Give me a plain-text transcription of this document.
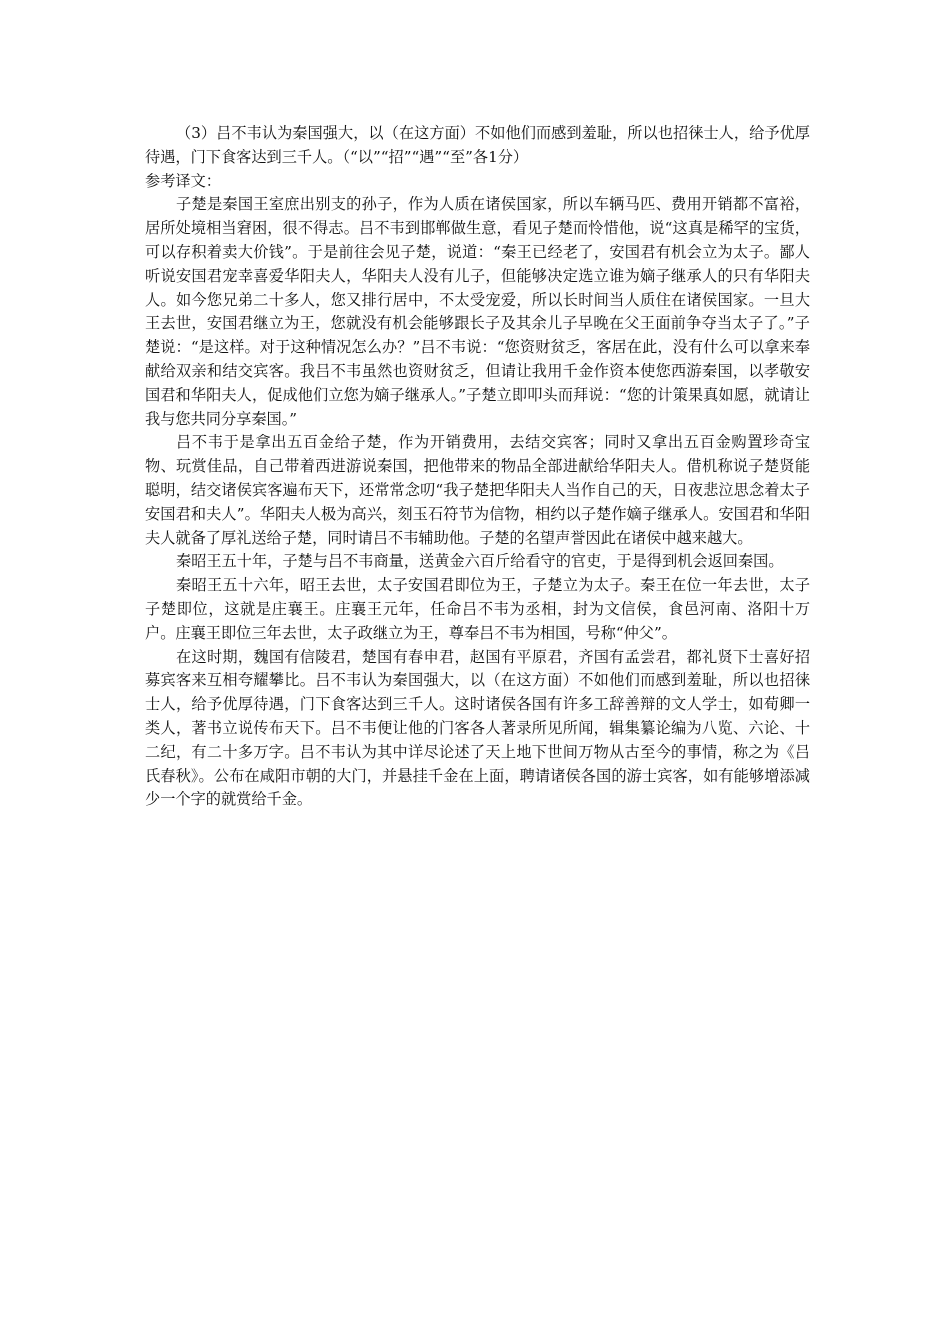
（3）吕不韦认为秦国强大，以（在这方面）不如他们而感到羞耻，所以也招徕士人，给予优厚待遇，门下食客达到三千人。（“以”“招”“遇”“至”各1分）

参考译文：

子楚是秦国王室庶出别支的孙子，作为人质在诸侯国家，所以车辆马匹、费用开销都不富裕，居所处境相当窘困，很不得志。吕不韦到邯郸做生意，看见子楚而怜惜他，说“这真是稀罕的宝货，可以存积着卖大价钱”。于是前往会见子楚，说道：“秦王已经老了，安国君有机会立为太子。鄙人听说安国君宠幸喜爱华阳夫人，华阳夫人没有儿子，但能够决定选立谁为嫡子继承人的只有华阳夫人。如今您兄弟二十多人，您又排行居中，不太受宠爱，所以长时间当人质住在诸侯国家。一旦大王去世，安国君继立为王，您就没有机会能够跟长子及其余儿子早晚在父王面前争夺当太子了。”子楚说：“是这样。对于这种情况怎么办？”吕不韦说：“您资财贫乏，客居在此，没有什么可以拿来奉献给双亲和结交宾客。我吕不韦虽然也资财贫乏，但请让我用千金作资本使您西游秦国，以孝敬安国君和华阳夫人，促成他们立您为嫡子继承人。”子楚立即叩头而拜说：“您的计策果真如愿，就请让我与您共同分享秦国。”

吕不韦于是拿出五百金给子楚，作为开销费用，去结交宾客；同时又拿出五百金购置珍奇宝物、玩赏佳品，自己带着西进游说秦国，把他带来的物品全部进献给华阳夫人。借机称说子楚贤能聪明，结交诸侯宾客遍布天下，还常常念叨“我子楚把华阳夫人当作自己的天，日夜悲泣思念着太子安国君和夫人”。华阳夫人极为高兴，刻玉石符节为信物，相约以子楚作嫡子继承人。安国君和华阳夫人就备了厚礼送给子楚，同时请吕不韦辅助他。子楚的名望声誉因此在诸侯中越来越大。

秦昭王五十年，子楚与吕不韦商量，送黄金六百斤给看守的官吏，于是得到机会返回秦国。

秦昭王五十六年，昭王去世，太子安国君即位为王，子楚立为太子。秦王在位一年去世，太子子楚即位，这就是庄襄王。庄襄王元年，任命吕不韦为丞相，封为文信侯，食邑河南、洛阳十万户。庄襄王即位三年去世，太子政继立为王，尊奉吕不韦为相国，号称“仲父”。

在这时期，魏国有信陵君，楚国有春申君，赵国有平原君，齐国有孟尝君，都礼贤下士喜好招募宾客来互相夸耀攀比。吕不韦认为秦国强大，以（在这方面）不如他们而感到羞耻，所以也招徕士人，给予优厚待遇，门下食客达到三千人。这时诸侯各国有许多工辞善辩的文人学士，如荀卿一类人，著书立说传布天下。吕不韦便让他的门客各人著录所见所闻，辑集纂论编为八览、六论、十二纪，有二十多万字。吕不韦认为其中详尽论述了天上地下世间万物从古至今的事情，称之为《吕氏春秋》。公布在咸阳市朝的大门，并悬挂千金在上面，聘请诸侯各国的游士宾客，如有能够增添减少一个字的就赏给千金。
